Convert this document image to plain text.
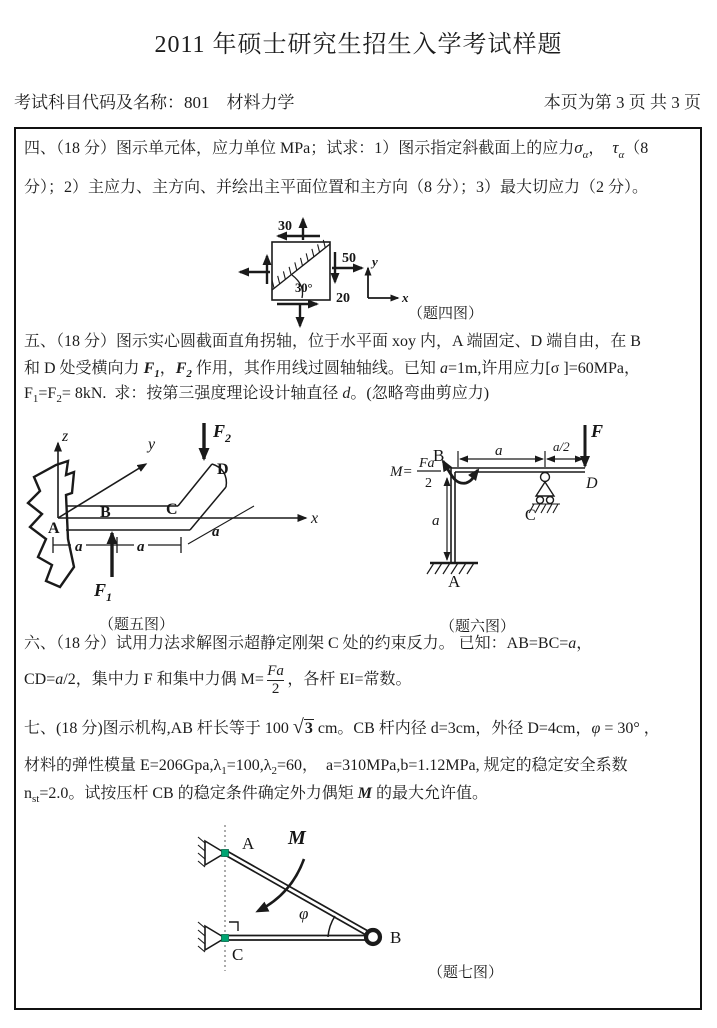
2011 年硕士研究生招生入学考试样题
考试科目代码及名称：801　材料力学	本页为第 3 页 共 3 页
四、（18 分）图示单元体，应力单位 MPa；试求：1）图示指定斜截面上的应力$\sigma_\alpha$，  $\tau_\alpha(8$
分）；2）主应力、主方向、并绘出主平面位置和主方向（8 分）；3）最大切应力（2 分）。
30
50
20
30°
y
x
（题四图）
五、（18 分）图示实心圆截面直角拐轴，位于水平面 xoy 内，A 端固定、D 端自由，在 B
和 D 处受横向力 $F_1$，$F_2$ 作用，其作用线过圆轴轴线。已知 a=1m,许用应力[σ ]=60MPa，
$F_1=F_2= 8kN$.  求：按第三强度理论设计轴直径 d。(忽略弯曲剪应力)
z	y
x
A
B	C
D
$F_2$
$F_1$
a	a
a
（题五图）
B
M=
Fa
2
a	a/2
a
F
D
C
A
（题六图）
六、（18 分）试用力法求解图示超静定刚架 C 处的约束反力。 已知：AB=BC=a，
CD= a /2，集中力 F 和集中力偶 $M= \frac{Fa}{2}$ ，各杆 EI=常数。
七、(18 分)图示机构,AB 杆长等于 100 √3 cm。CB 杆内径 d=3cm，外径 D=4cm，φ = 30° ，
材料的弹性模量 $E=206Gpa,\lambda_1=100,\lambda_2=60$，  a=310MPa,b=1.12MPa, 规定的稳定安全系数
$n_{st}=2.0$。试按压杆 CB 的稳定条件确定外力偶矩 M 的最大允许值。
A
C
B
M
φ
（题七图）
